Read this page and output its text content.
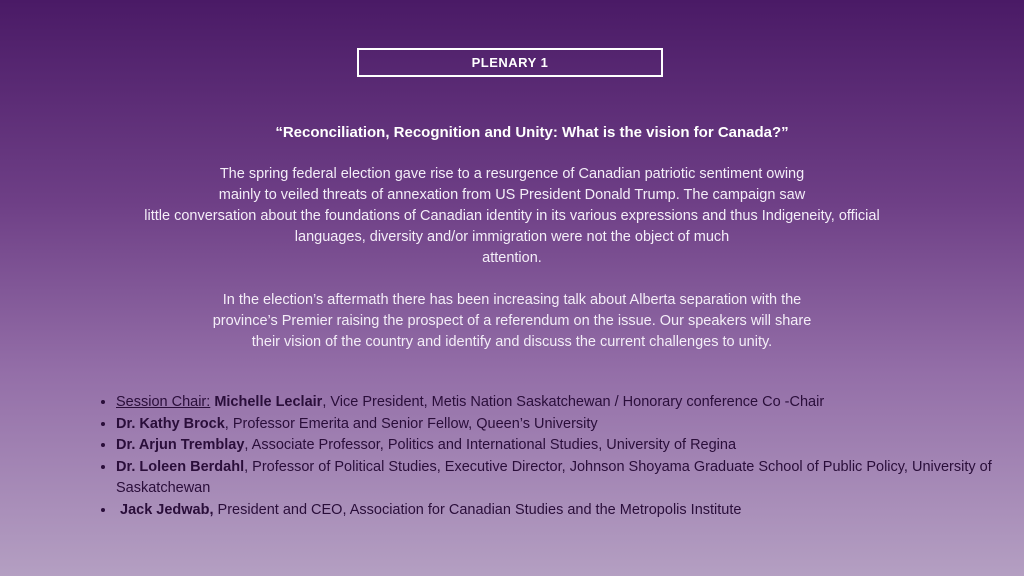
PLENARY 1
“Reconciliation, Recognition and Unity: What is the vision for Canada?”
The spring federal election gave rise to a resurgence of Canadian patriotic sentiment owing
mainly to veiled threats of annexation from US President Donald Trump. The campaign saw
little conversation about the foundations of Canadian identity in its various expressions and thus Indigeneity, official
languages, diversity and/or immigration were not the object of much
attention.
In the election’s aftermath there has been increasing talk about Alberta separation with the
province’s Premier raising the prospect of a referendum on the issue. Our speakers will share
their vision of the country and identify and discuss the current challenges to unity.
• Session Chair: Michelle Leclair, Vice President, Metis Nation Saskatchewan / Honorary conference Co -Chair
• Dr. Kathy Brock, Professor Emerita and Senior Fellow, Queen’s University
• Dr. Arjun Tremblay, Associate Professor, Politics and International Studies, University of Regina
• Dr. Loleen Berdahl, Professor of Political Studies, Executive Director, Johnson Shoyama Graduate School of Public Policy, University of Saskatchewan
• Jack Jedwab, President and CEO, Association for Canadian Studies and the Metropolis Institute
